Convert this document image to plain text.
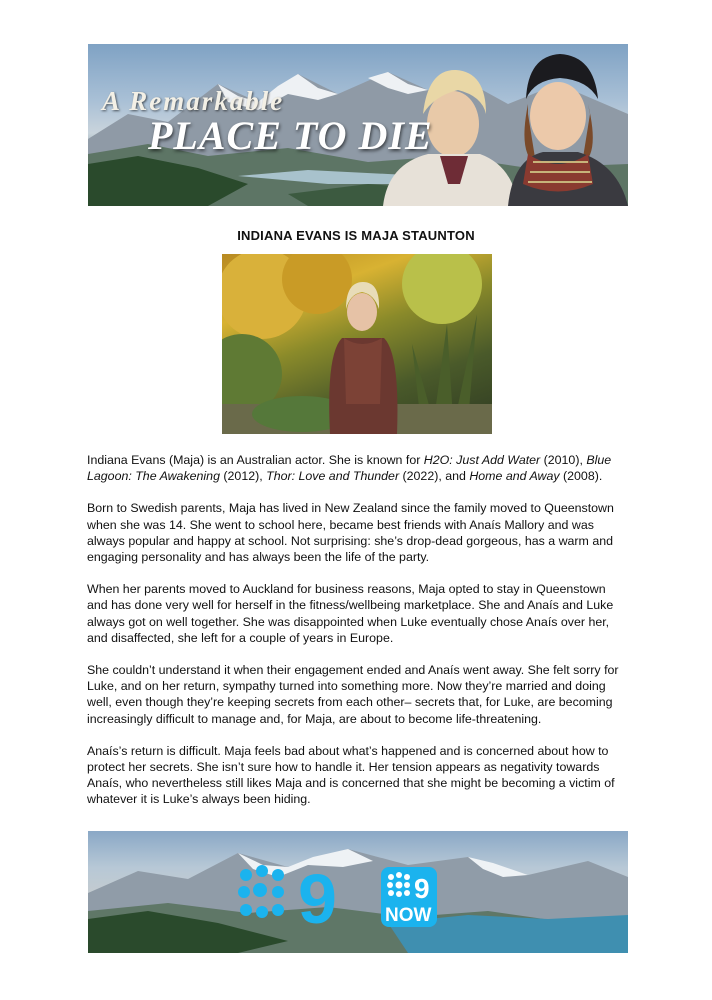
A Remarkable
PLACE TO DIE
INDIANA EVANS IS MAJA STAUNTON

Indiana Evans (Maja) is an Australian actor. She is known for H2O: Just Add Water (2010), Blue Lagoon: The Awakening (2012), Thor: Love and Thunder (2022), and Home and Away (2008).

Born to Swedish parents, Maja has lived in New Zealand since the family moved to Queenstown when she was 14. She went to school here, became best friends with Anaís Mallory and was always popular and happy at school. Not surprising: she’s drop-dead gorgeous, has a warm and engaging personality and has always been the life of the party.

When her parents moved to Auckland for business reasons, Maja opted to stay in Queenstown and has done very well for herself in the fitness/wellbeing marketplace. She and Anaís and Luke always got on well together. She was disappointed when Luke eventually chose Anaís over her, and disaffected, she left for a couple of years in Europe.

She couldn’t understand it when their engagement ended and Anaís went away. She felt sorry for Luke, and on her return, sympathy turned into something more. Now they’re married and doing well, even though they’re keeping secrets from each other– secrets that, for Luke, are becoming increasingly difficult to manage and, for Maja, are about to become life-threatening.

Anaís’s return is difficult. Maja feels bad about what’s happened and is concerned about how to protect her secrets. She isn’t sure how to handle it. Her tension appears as negativity towards Anaís, who nevertheless still likes Maja and is concerned that she might be becoming a victim of whatever it is Luke’s always been hiding.

9	9
NOW
